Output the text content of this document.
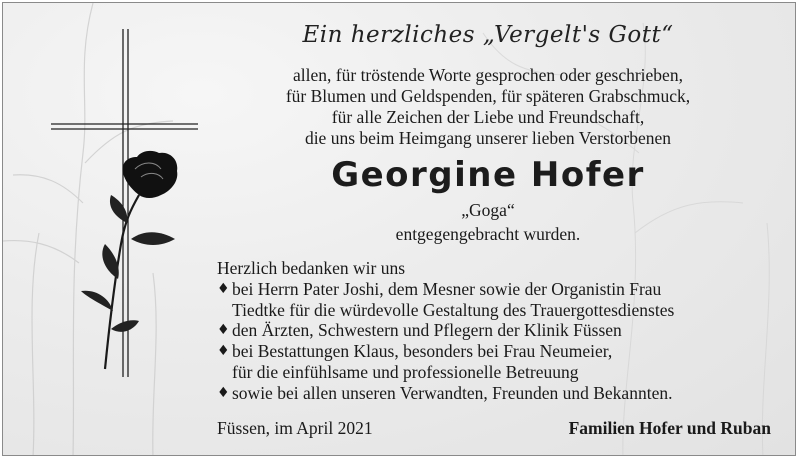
Ein herzliches „Vergelt's Gott“
allen, für tröstende Worte gesprochen oder geschrieben,
für Blumen und Geldspenden, für späteren Grabschmuck,
für alle Zeichen der Liebe und Freundschaft,
die uns beim Heimgang unserer lieben Verstorbenen
Georgine Hofer
„Goga“
entgegengebracht wurden.
Herzlich bedanken wir uns
♦ bei Herrn Pater Joshi, dem Mesner sowie der Organistin Frau
Tiedtke für die würdevolle Gestaltung des Trauergottesdienstes
♦ den Ärzten, Schwestern und Pflegern der Klinik Füssen
♦ bei Bestattungen Klaus, besonders bei Frau Neumeier,
für die einfühlsame und professionelle Betreuung
♦ sowie bei allen unseren Verwandten, Freunden und Bekannten.
Füssen, im April 2021	Familien Hofer und Ruban
